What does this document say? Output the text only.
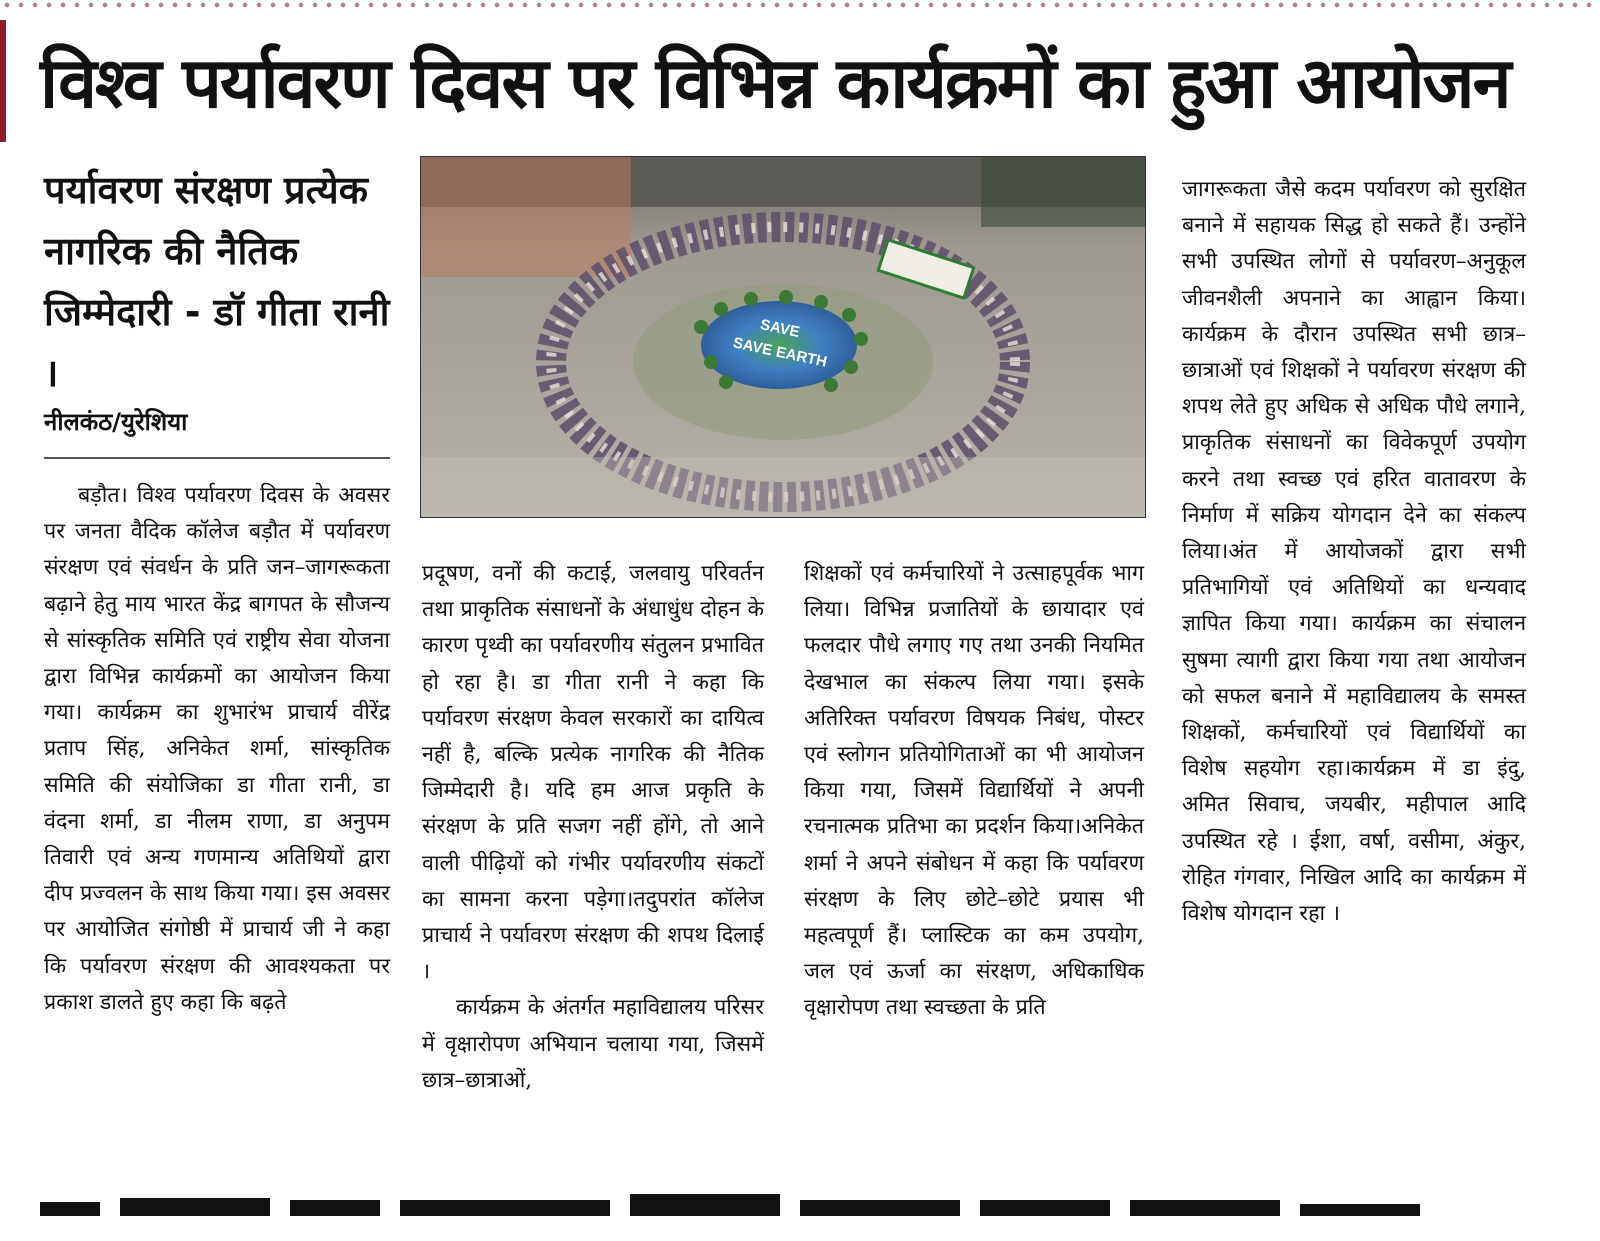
विश्व पर्यावरण दिवस पर विभिन्न कार्यक्रमों का हुआ आयोजन
पर्यावरण संरक्षण प्रत्येक नागरिक की नैतिक जिम्मेदारी - डॉ गीता रानी ।
नीलकंठ/युरेशिया

बड़ौत। विश्व पर्यावरण दिवस के अवसर पर जनता वैदिक कॉलेज बड़ौत में पर्यावरण संरक्षण एवं संवर्धन के प्रति जन–जागरूकता बढ़ाने हेतु माय भारत केंद्र बागपत के सौजन्य से सांस्कृतिक समिति एवं राष्ट्रीय सेवा योजना द्वारा विभिन्न कार्यक्रमों का आयोजन किया गया। कार्यक्रम का शुभारंभ प्राचार्य वीरेंद्र प्रताप सिंह, अनिकेत शर्मा, सांस्कृतिक समिति की संयोजिका डा गीता रानी, डा वंदना शर्मा, डा नीलम राणा, डा अनुपम तिवारी एवं अन्य गणमान्य अतिथियों द्वारा दीप प्रज्वलन के साथ किया गया। इस अवसर पर आयोजित संगोष्ठी में प्राचार्य जी ने कहा कि पर्यावरण संरक्षण की आवश्यकता पर प्रकाश डालते हुए कहा कि बढ़ते

प्रदूषण, वनों की कटाई, जलवायु परिवर्तन तथा प्राकृतिक संसाधनों के अंधाधुंध दोहन के कारण पृथ्वी का पर्यावरणीय संतुलन प्रभावित हो रहा है। डा गीता रानी ने कहा कि पर्यावरण संरक्षण केवल सरकारों का दायित्व नहीं है, बल्कि प्रत्येक नागरिक की नैतिक जिम्मेदारी है। यदि हम आज प्रकृति के संरक्षण के प्रति सजग नहीं होंगे, तो आने वाली पीढ़ियों को गंभीर पर्यावरणीय संकटों का सामना करना पड़ेगा।तदुपरांत कॉलेज प्राचार्य ने पर्यावरण संरक्षण की शपथ दिलाई ।

कार्यक्रम के अंतर्गत महाविद्यालय परिसर में वृक्षारोपण अभियान चलाया गया, जिसमें छात्र–छात्राओं,

शिक्षकों एवं कर्मचारियों ने उत्साहपूर्वक भाग लिया। विभिन्न प्रजातियों के छायादार एवं फलदार पौधे लगाए गए तथा उनकी नियमित देखभाल का संकल्प लिया गया। इसके अतिरिक्त पर्यावरण विषयक निबंध, पोस्टर एवं स्लोगन प्रतियोगिताओं का भी आयोजन किया गया, जिसमें विद्यार्थियों ने अपनी रचनात्मक प्रतिभा का प्रदर्शन किया।अनिकेत शर्मा ने अपने संबोधन में कहा कि पर्यावरण संरक्षण के लिए छोटे–छोटे प्रयास भी महत्वपूर्ण हैं। प्लास्टिक का कम उपयोग, जल एवं ऊर्जा का संरक्षण, अधिकाधिक वृक्षारोपण तथा स्वच्छता के प्रति

जागरूकता जैसे कदम पर्यावरण को सुरक्षित बनाने में सहायक सिद्ध हो सकते हैं। उन्होंने सभी उपस्थित लोगों से पर्यावरण–अनुकूल जीवनशैली अपनाने का आह्वान किया।कार्यक्रम के दौरान उपस्थित सभी छात्र–छात्राओं एवं शिक्षकों ने पर्यावरण संरक्षण की शपथ लेते हुए अधिक से अधिक पौधे लगाने, प्राकृतिक संसाधनों का विवेकपूर्ण उपयोग करने तथा स्वच्छ एवं हरित वातावरण के निर्माण में सक्रिय योगदान देने का संकल्प लिया।अंत में आयोजकों द्वारा सभी प्रतिभागियों एवं अतिथियों का धन्यवाद ज्ञापित किया गया। कार्यक्रम का संचालन सुषमा त्यागी द्वारा किया गया तथा आयोजन को सफल बनाने में महाविद्यालय के समस्त शिक्षकों, कर्मचारियों एवं विद्यार्थियों का विशेष सहयोग रहा।कार्यक्रम में डा इंदु, अमित सिवाच, जयबीर, महीपाल आदि उपस्थित रहे । ईशा, वर्षा, वसीमा, अंकुर, रोहित गंगवार, निखिल आदि का कार्यक्रम में विशेष योगदान रहा ।

SAVE
SAVE EARTH
